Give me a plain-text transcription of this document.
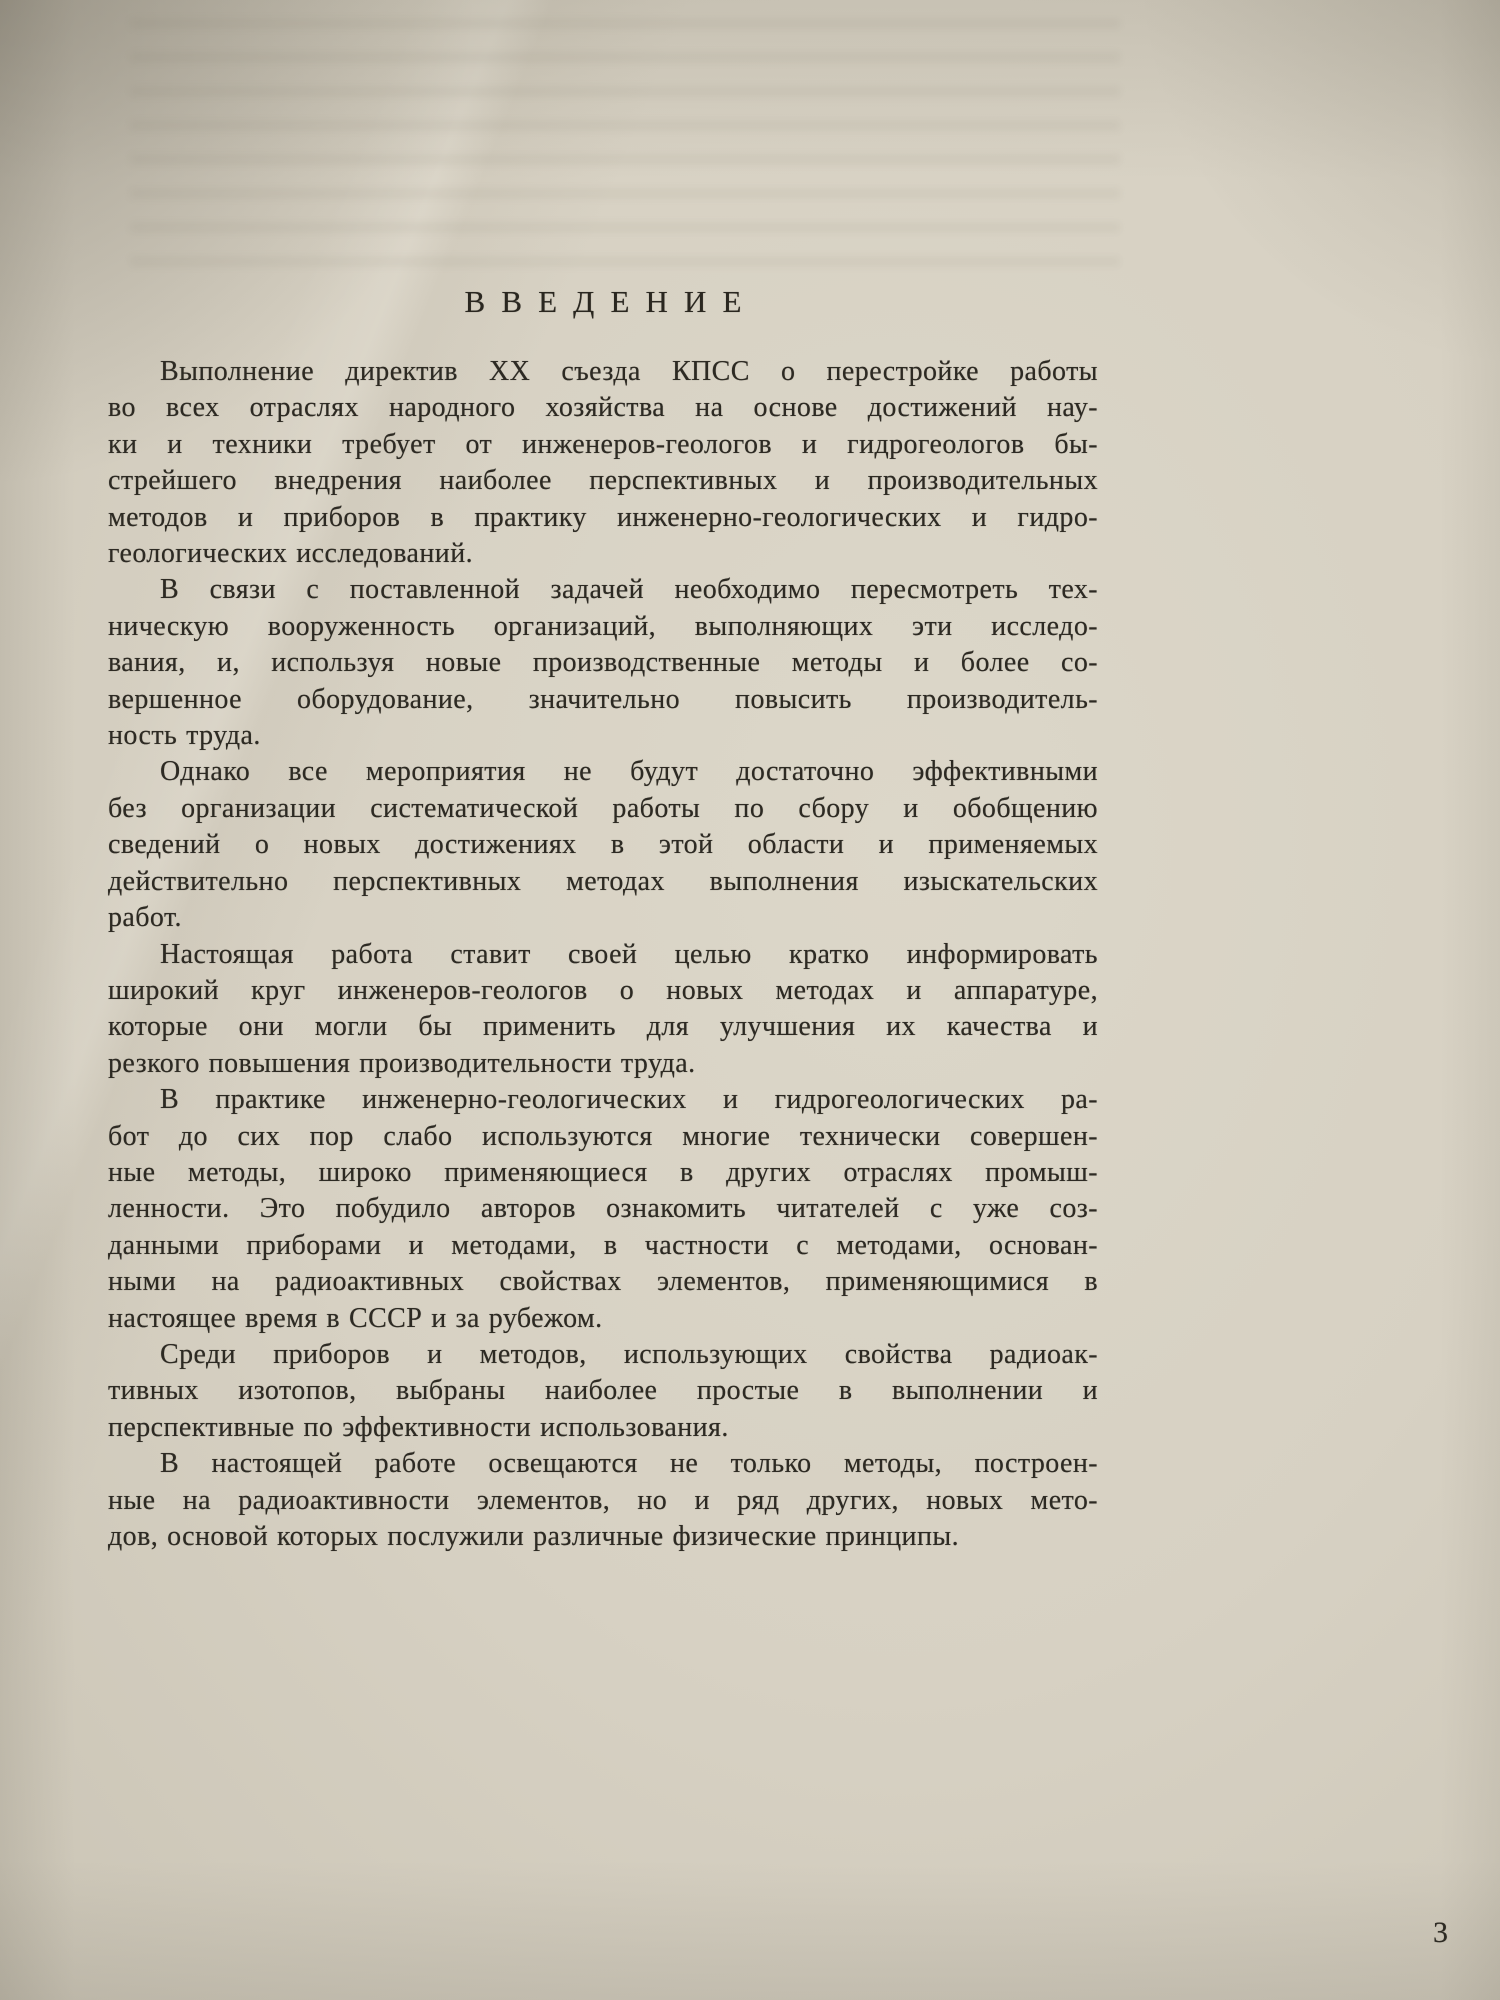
ВВЕДЕНИЕ
Выполнение директив XX съезда КПСС о перестройке работы
во всех отраслях народного хозяйства на основе достижений нау-
ки и техники требует от инженеров-геологов и гидрогеологов бы-
стрейшего внедрения наиболее перспективных и производительных
методов и приборов в практику инженерно-геологических и гидро-
геологических исследований.
В связи с поставленной задачей необходимо пересмотреть тех-
ническую вооруженность организаций, выполняющих эти исследо-
вания, и, используя новые производственные методы и более со-
вершенное оборудование, значительно повысить производитель-
ность труда.
Однако все мероприятия не будут достаточно эффективными
без организации систематической работы по сбору и обобщению
сведений о новых достижениях в этой области и применяемых
действительно перспективных методах выполнения изыскательских
работ.
Настоящая работа ставит своей целью кратко информировать
широкий круг инженеров-геологов о новых методах и аппаратуре,
которые они могли бы применить для улучшения их качества и
резкого повышения производительности труда.
В практике инженерно-геологических и гидрогеологических ра-
бот до сих пор слабо используются многие технически совершен-
ные методы, широко применяющиеся в других отраслях промыш-
ленности. Это побудило авторов ознакомить читателей с уже соз-
данными приборами и методами, в частности с методами, основан-
ными на радиоактивных свойствах элементов, применяющимися в
настоящее время в СССР и за рубежом.
Среди приборов и методов, использующих свойства радиоак-
тивных изотопов, выбраны наиболее простые в выполнении и
перспективные по эффективности использования.
В настоящей работе освещаются не только методы, построен-
ные на радиоактивности элементов, но и ряд других, новых мето-
дов, основой которых послужили различные физические принципы.
3
